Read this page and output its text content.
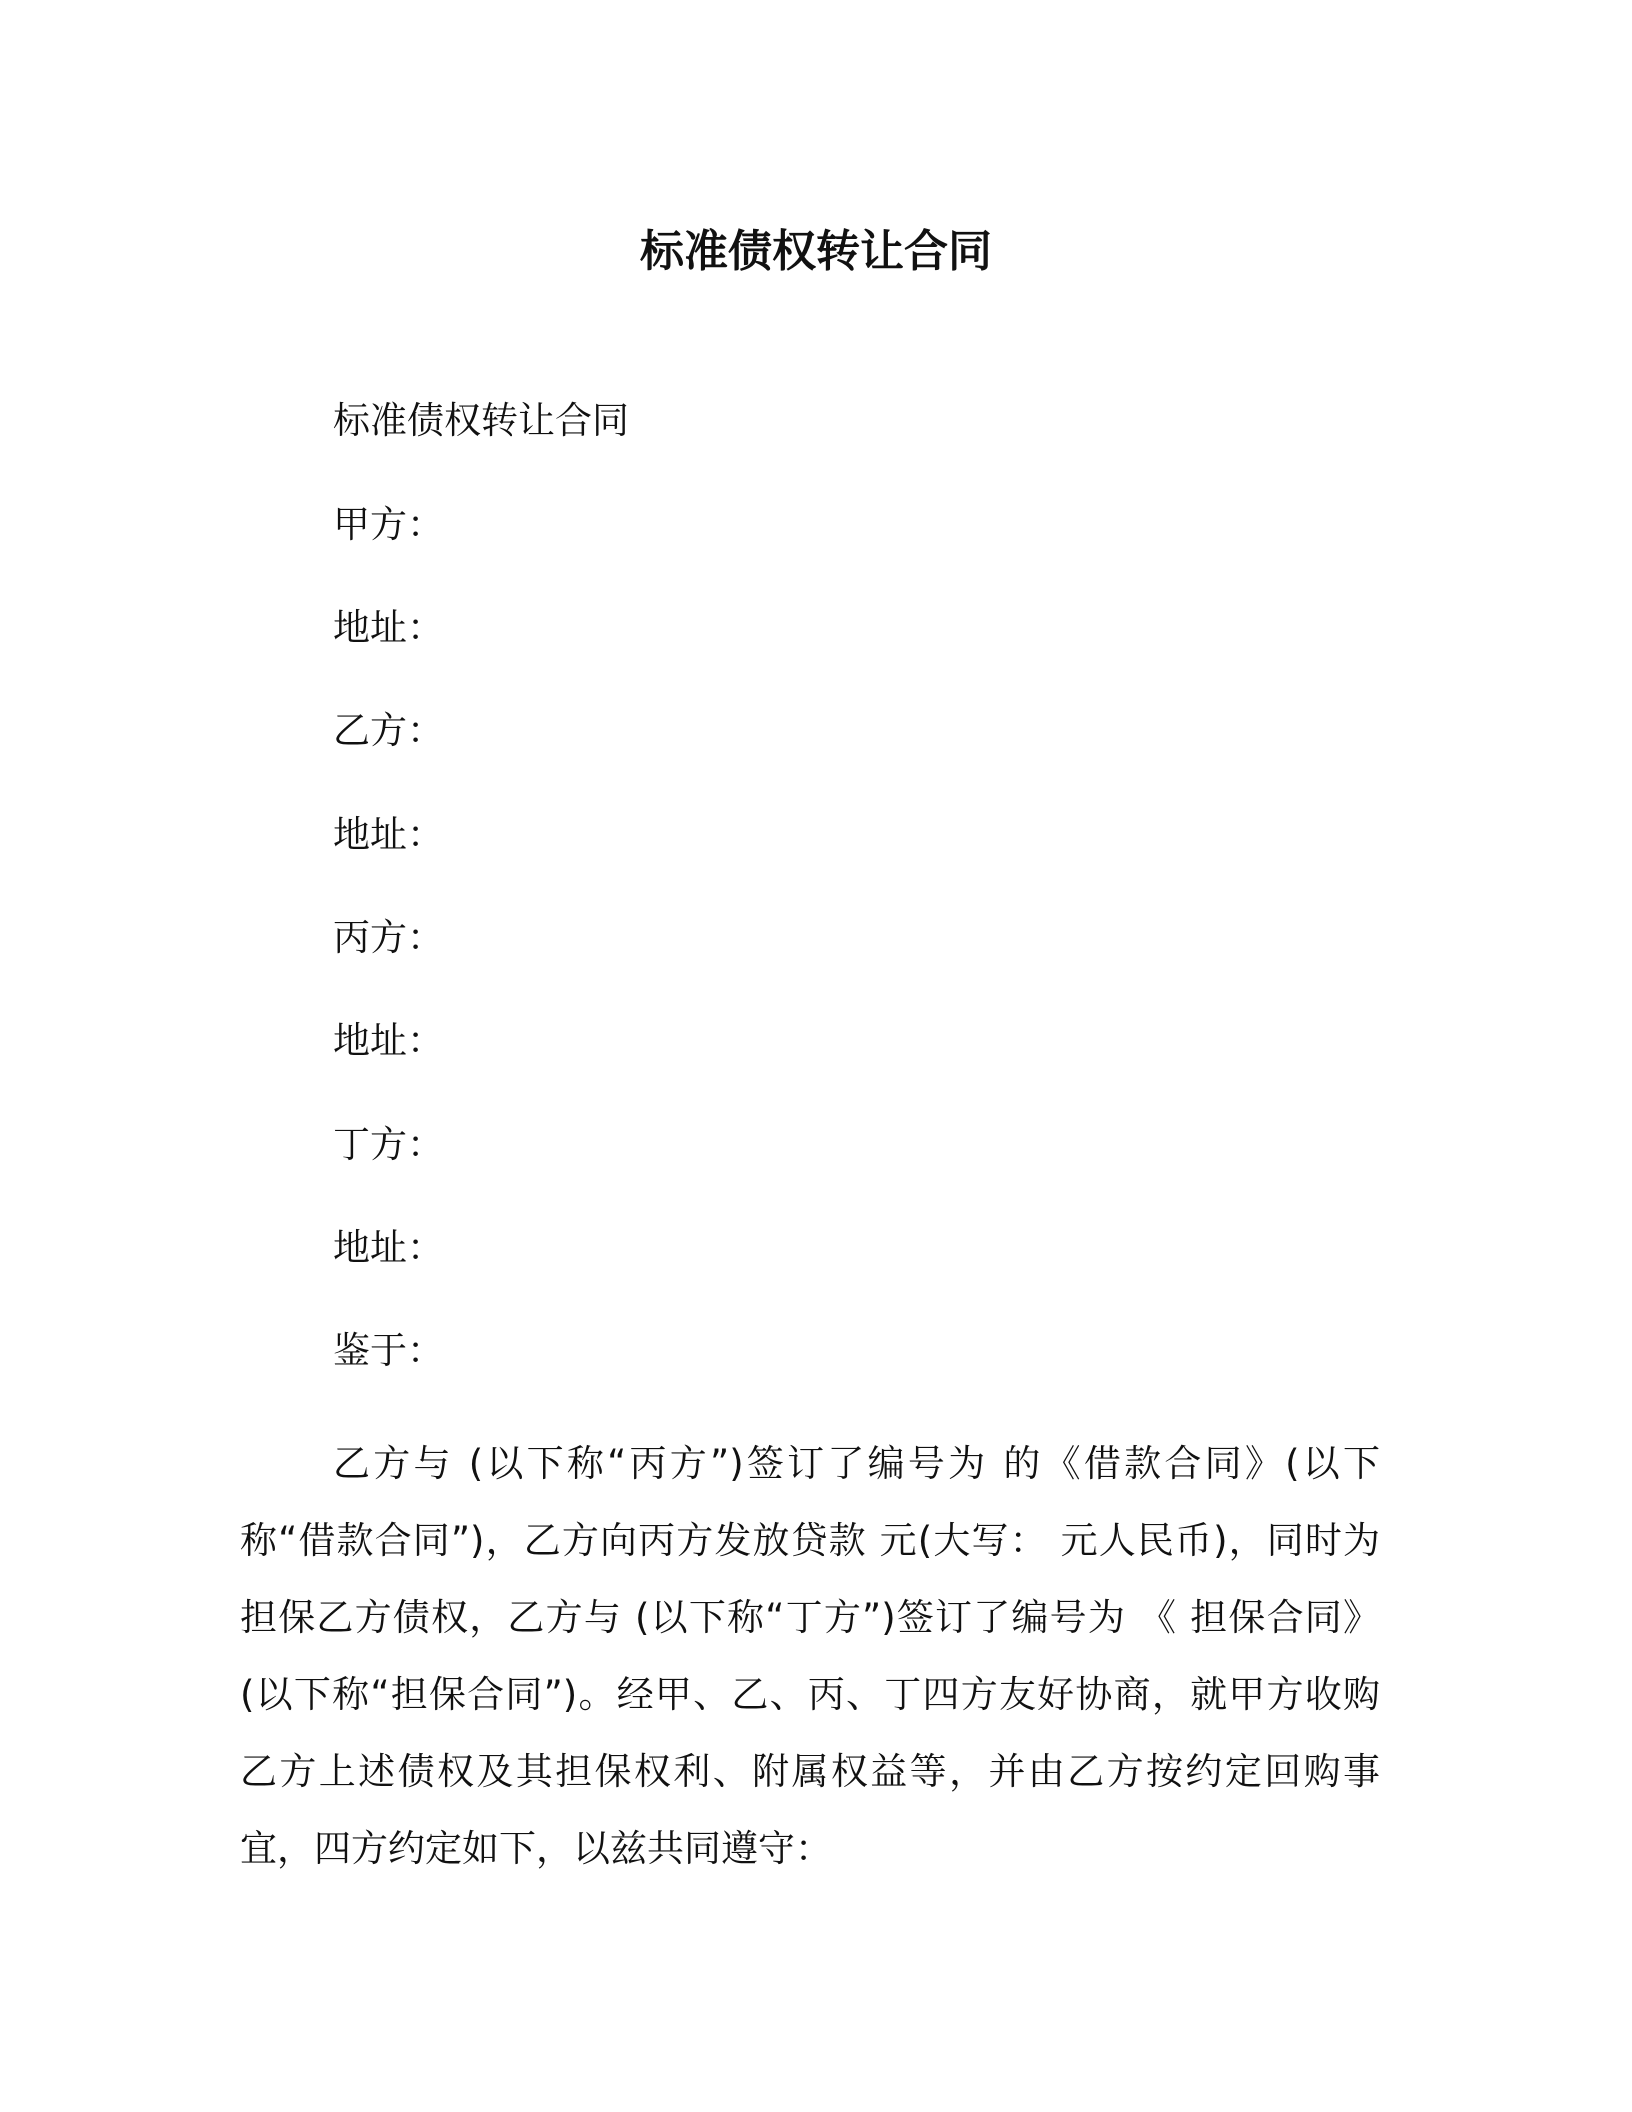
标准债权转让合同

标准债权转让合同

甲方：

地址：

乙方：

地址：

丙方：

地址：

丁方：

地址：

鉴于：

乙方与 (以下称“丙方”)签订了编号为 的《借款合同》(以下称“借款合同”)，乙方向丙方发放贷款 元(大写： 元人民币)，同时为担保乙方债权，乙方与 (以下称“丁方”)签订了编号为 《 担保合同》(以下称“担保合同”)。经甲、乙、丙、丁四方友好协商，就甲方收购乙方上述债权及其担保权利、附属权益等，并由乙方按约定回购事宜，四方约定如下，以兹共同遵守：
